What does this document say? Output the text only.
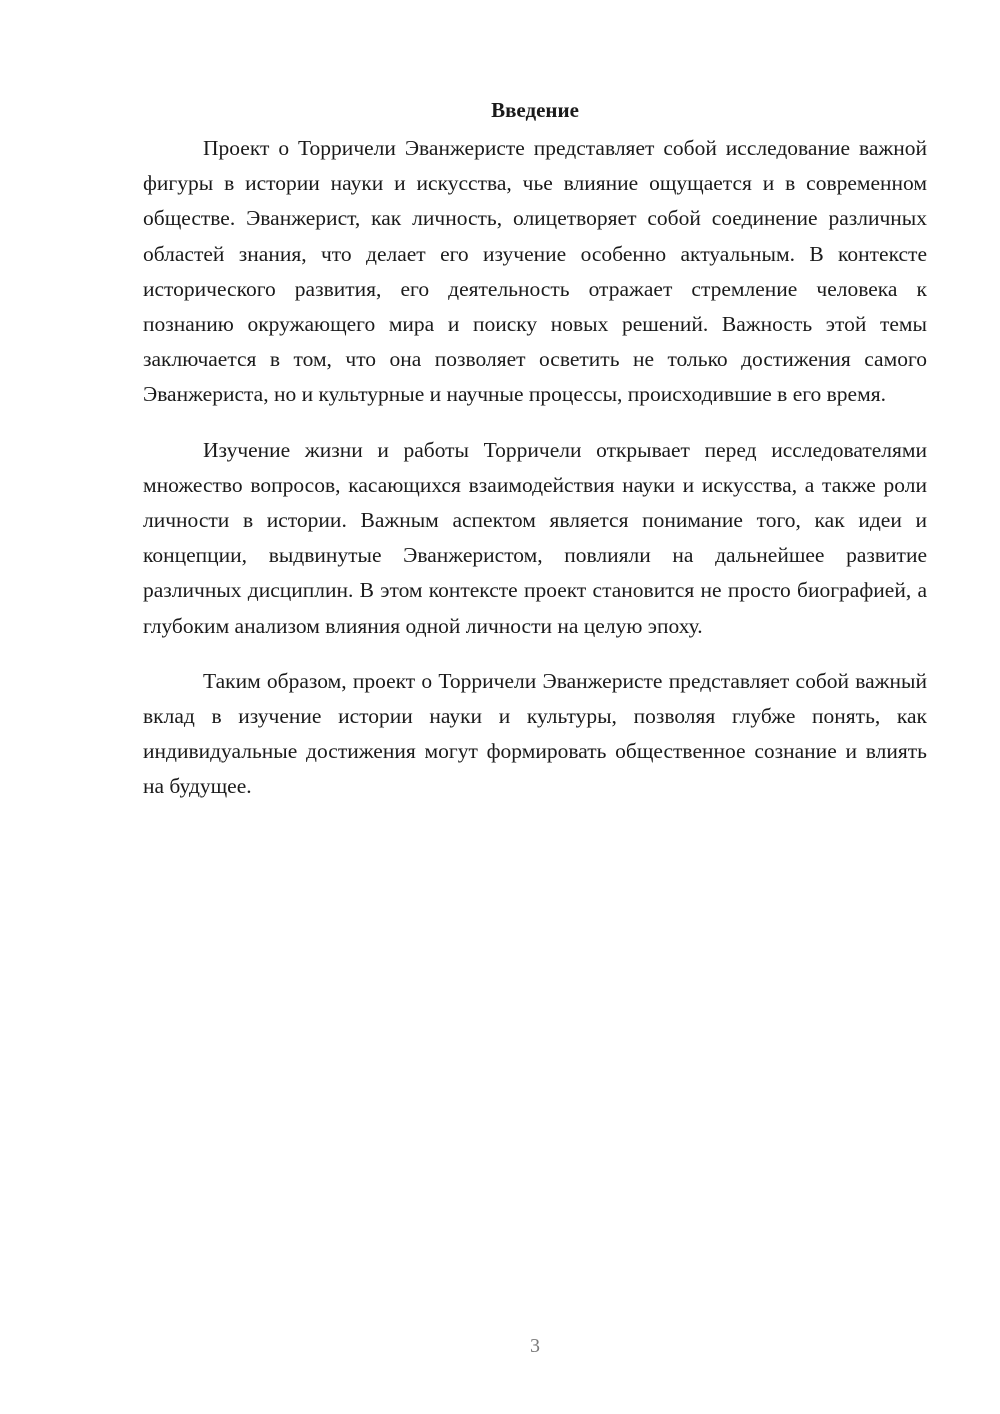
Введение

Проект о Торричели Эванжеристе представляет собой исследование важной фигуры в истории науки и искусства, чье влияние ощущается и в современном обществе. Эванжерист, как личность, олицетворяет собой соединение различных областей знания, что делает его изучение особенно актуальным. В контексте исторического развития, его деятельность отражает стремление человека к познанию окружающего мира и поиску новых решений. Важность этой темы заключается в том, что она позволяет осветить не только достижения самого Эванжериста, но и культурные и научные процессы, происходившие в его время.

Изучение жизни и работы Торричели открывает перед исследователями множество вопросов, касающихся взаимодействия науки и искусства, а также роли личности в истории. Важным аспектом является понимание того, как идеи и концепции, выдвинутые Эванжеристом, повлияли на дальнейшее развитие различных дисциплин. В этом контексте проект становится не просто биографией, а глубоким анализом влияния одной личности на целую эпоху.

Таким образом, проект о Торричели Эванжеристе представляет собой важный вклад в изучение истории науки и культуры, позволяя глубже понять, как индивидуальные достижения могут формировать общественное сознание и влиять на будущее.

3
